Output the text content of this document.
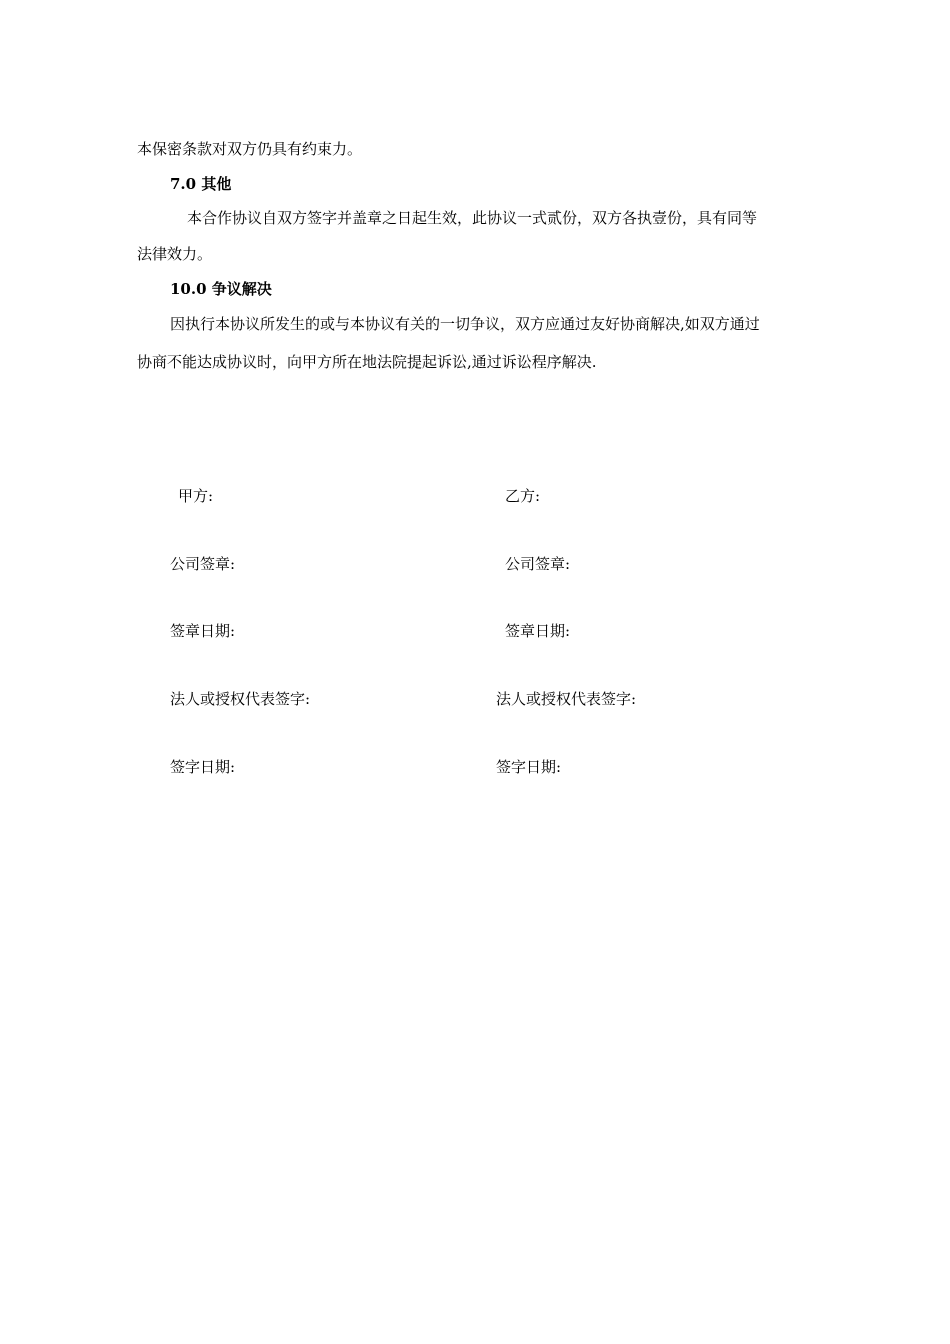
本保密条款对双方仍具有约束力。
7.0 其他
本合作协议自双方签字并盖章之日起生效，此协议一式贰份，双方各执壹份，具有同等
法律效力。
10.0 争议解决
因执行本协议所发生的或与本协议有关的一切争议，双方应通过友好协商解决,如双方通过
协商不能达成协议时，向甲方所在地法院提起诉讼,通过诉讼程序解决.
甲方:
公司签章:
签章日期:
法人或授权代表签字:
签字日期:
乙方:
公司签章:
签章日期:
法人或授权代表签字:
签字日期:
